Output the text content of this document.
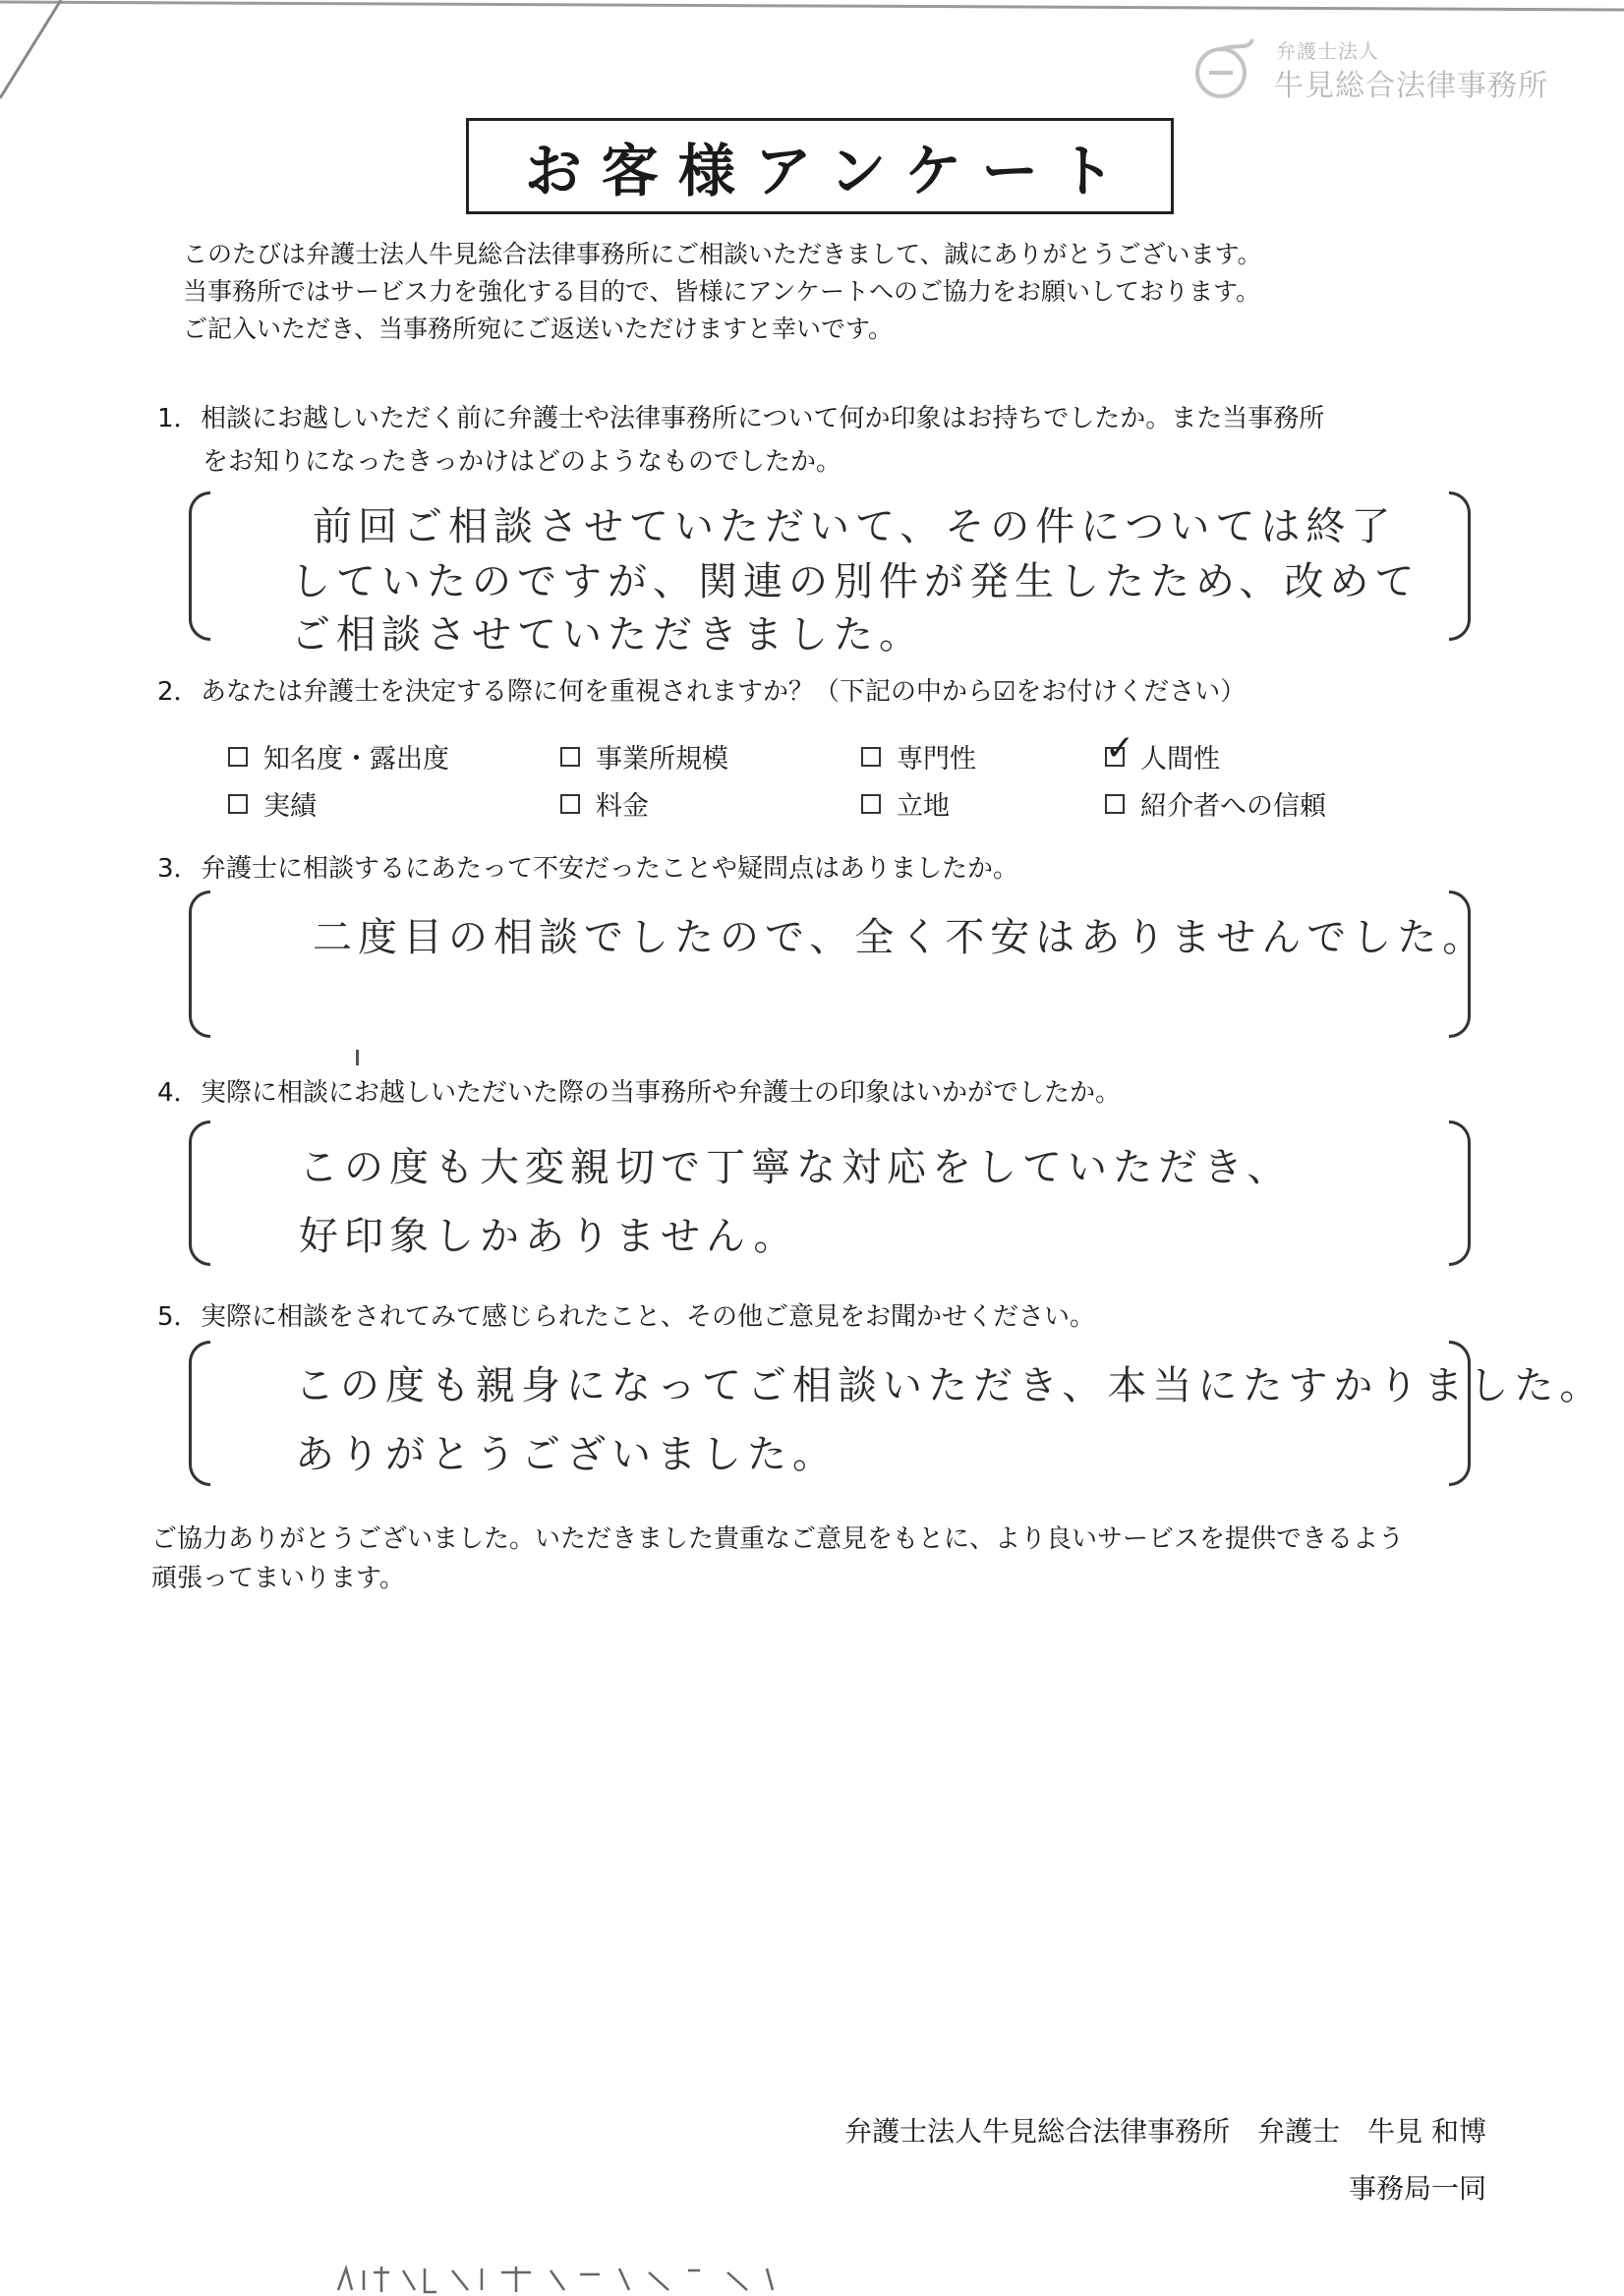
弁護士法人
牛見総合法律事務所
お客様アンケート
このたびは弁護士法人牛見総合法律事務所にご相談いただきまして、誠にありがとうございます。
当事務所ではサービス力を強化する目的で、皆様にアンケートへのご協力をお願いしております。
ご記入いただき、当事務所宛にご返送いただけますと幸いです。
1．相談にお越しいただく前に弁護士や法律事務所について何か印象はお持ちでしたか。また当事務所
をお知りになったきっかけはどのようなものでしたか。
前回ご相談させていただいて、その件については終了
していたのですが、関連の別件が発生したため、改めて
ご相談させていただきました。
2．あなたは弁護士を決定する際に何を重視されますか？（下記の中から☑をお付けください）
知名度・露出度	事業所規模	専門性	✓ 人間性
実績	料金	立地	紹介者への信頼
3．弁護士に相談するにあたって不安だったことや疑問点はありましたか。
二度目の相談でしたので、全く不安はありませんでした。
4．実際に相談にお越しいただいた際の当事務所や弁護士の印象はいかがでしたか。
この度も大変親切で丁寧な対応をしていただき、
好印象しかありません。
5．実際に相談をされてみて感じられたこと、その他ご意見をお聞かせください。
この度も親身になってご相談いただき、本当にたすかりました。
ありがとうございました。
ご協力ありがとうございました。いただきました貴重なご意見をもとに、より良いサービスを提供できるよう
頑張ってまいります。
弁護士法人牛見総合法律事務所　弁護士　牛見 和博
事務局一同
